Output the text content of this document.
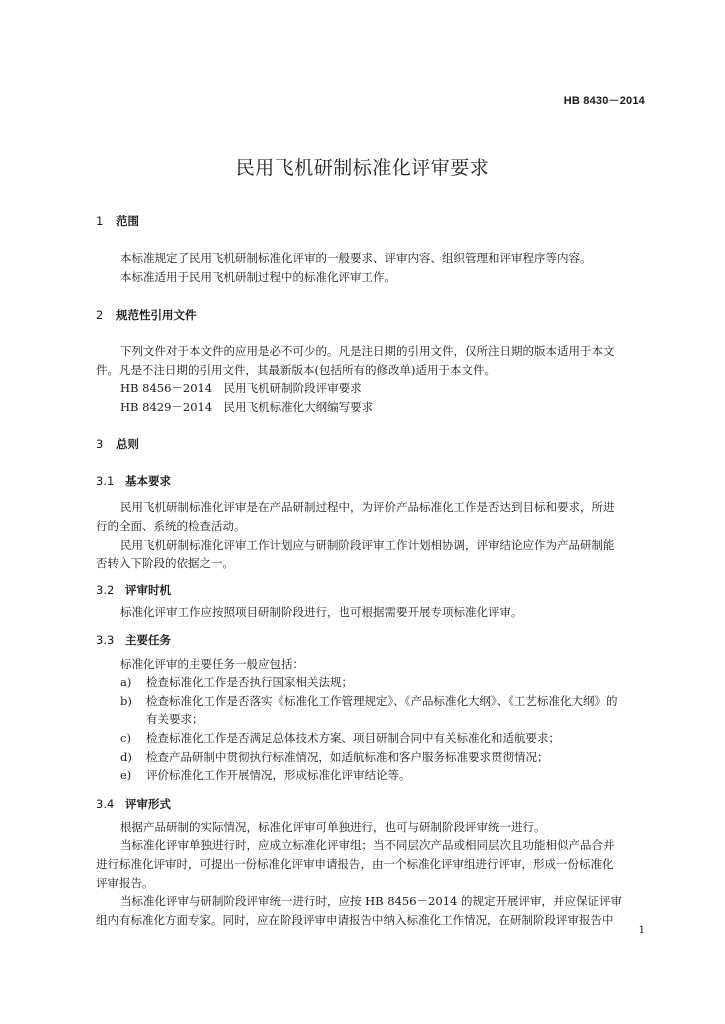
HB 8430－2014
民用飞机研制标准化评审要求
1 范围
本标准规定了民用飞机研制标准化评审的一般要求、评审内容、组织管理和评审程序等内容。
本标准适用于民用飞机研制过程中的标准化评审工作。
2 规范性引用文件
下列文件对于本文件的应用是必不可少的。凡是注日期的引用文件，仅所注日期的版本适用于本文
件。凡是不注日期的引用文件，其最新版本(包括所有的修改单)适用于本文件。
HB 8456－2014　民用飞机研制阶段评审要求
HB 8429－2014　民用飞机标准化大纲编写要求
3 总则
3.1 基本要求
民用飞机研制标准化评审是在产品研制过程中，为评价产品标准化工作是否达到目标和要求，所进
行的全面、系统的检查活动。
民用飞机研制标准化评审工作计划应与研制阶段评审工作计划相协调，评审结论应作为产品研制能
否转入下阶段的依据之一。
3.2 评审时机
标准化评审工作应按照项目研制阶段进行，也可根据需要开展专项标准化评审。
3.3 主要任务
标准化评审的主要任务一般应包括：
a) 检查标准化工作是否执行国家相关法规；
b) 检查标准化工作是否落实《标准化工作管理规定》、《产品标准化大纲》、《工艺标准化大纲》的
有关要求；
c) 检查标准化工作是否满足总体技术方案、项目研制合同中有关标准化和适航要求；
d) 检查产品研制中贯彻执行标准情况，如适航标准和客户服务标准要求贯彻情况；
e) 评价标准化工作开展情况，形成标准化评审结论等。
3.4 评审形式
根据产品研制的实际情况，标准化评审可单独进行，也可与研制阶段评审统一进行。
当标准化评审单独进行时，应成立标准化评审组；当不同层次产品或相同层次且功能相似产品合并
进行标准化评审时，可提出一份标准化评审申请报告，由一个标准化评审组进行评审，形成一份标准化
评审报告。
当标准化评审与研制阶段评审统一进行时，应按 HB 8456－2014 的规定开展评审，并应保证评审
组内有标准化方面专家。同时，应在阶段评审申请报告中纳入标准化工作情况，在研制阶段评审报告中
1
